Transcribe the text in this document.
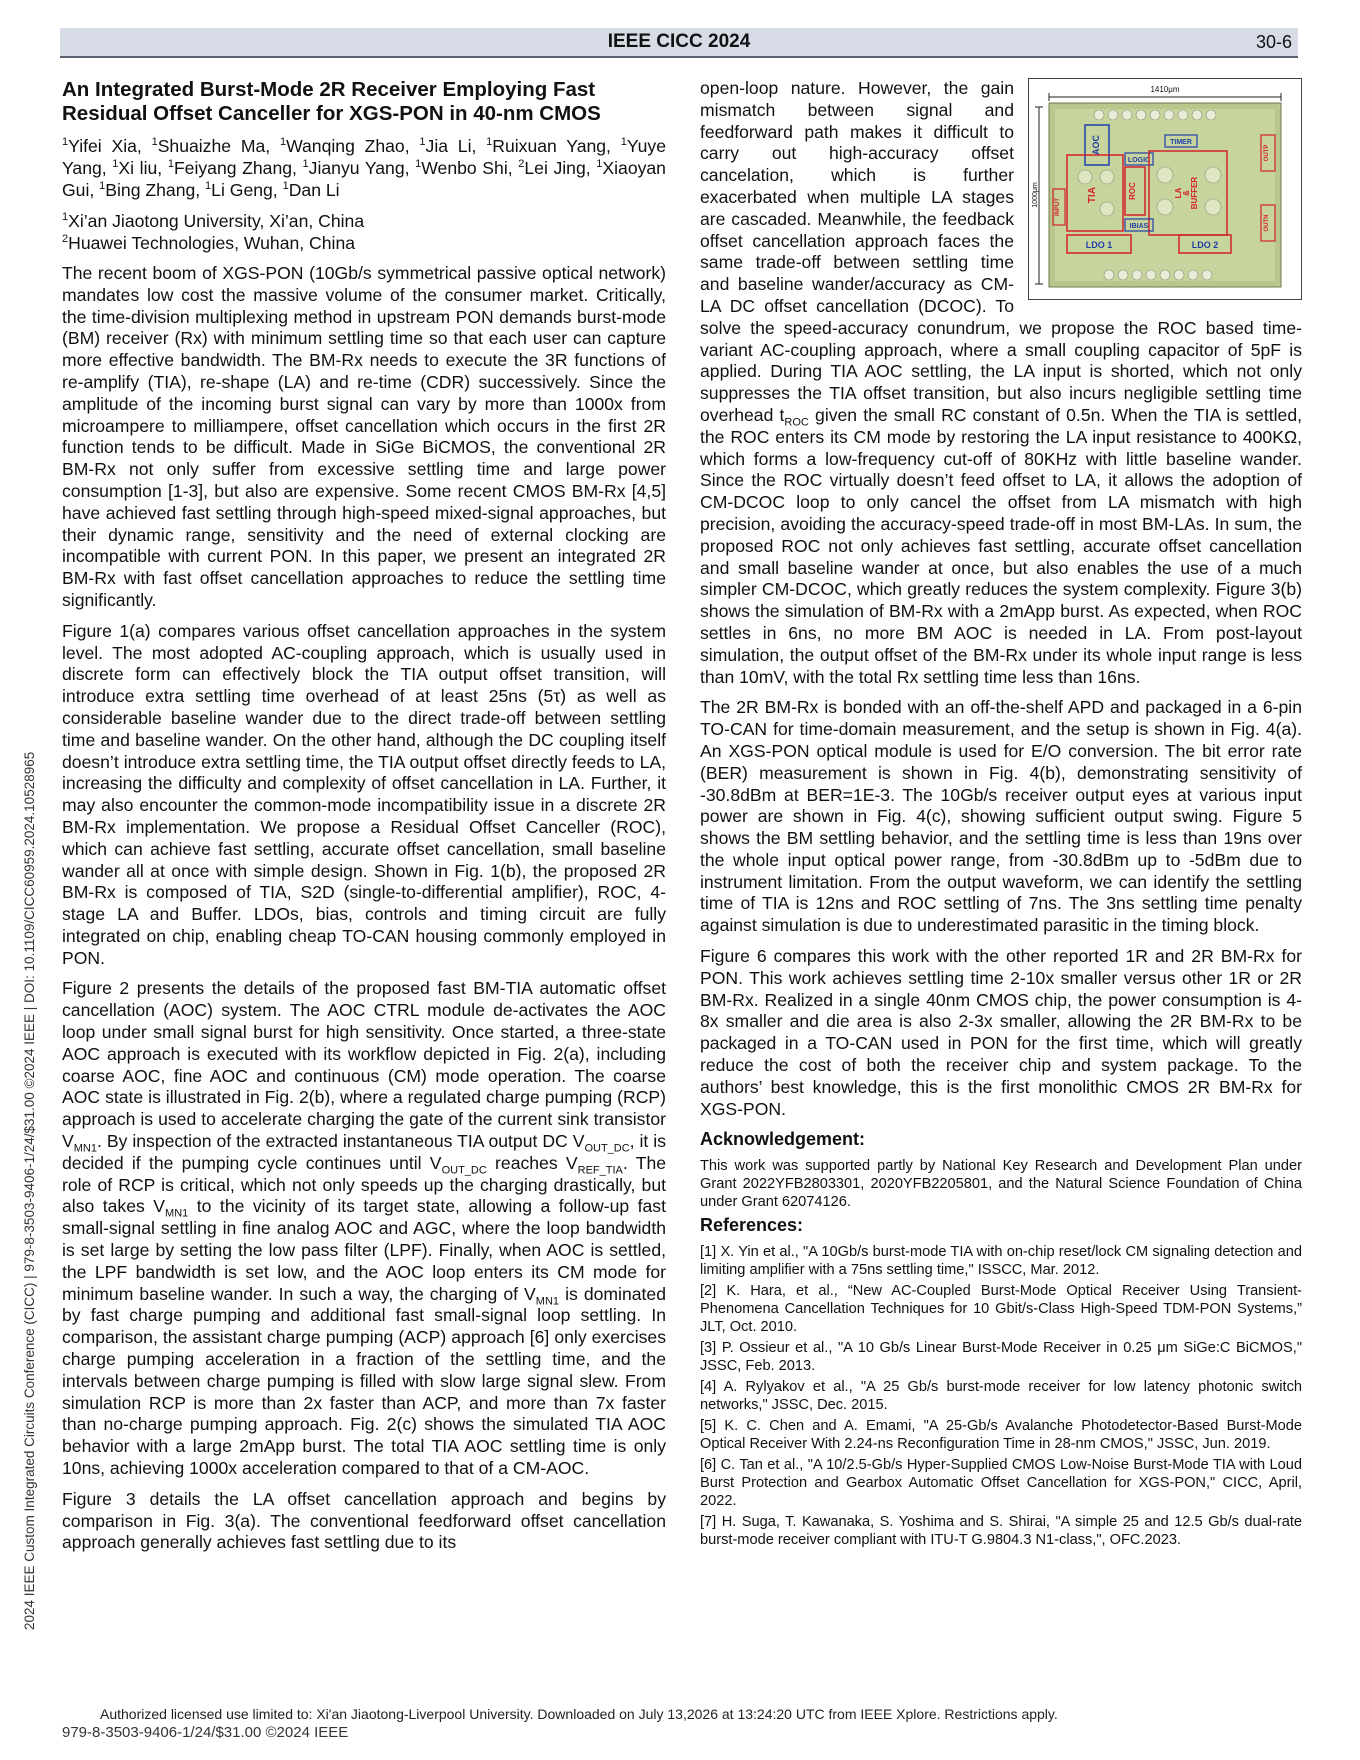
IEEE CICC 2024	30-6
2024 IEEE Custom Integrated Circuits Conference (CICC) | 979-8-3503-9406-1/24/$31.00 ©2024 IEEE | DOI: 10.1109/CICC60959.2024.10528965
An Integrated Burst-Mode 2R Receiver Employing Fast Residual Offset Canceller for XGS-PON in 40-nm CMOS
$^1$Yifei Xia, $^1$Shuaizhe Ma, $^1$Wanqing Zhao, $^1$Jia Li, $^1$Ruixuan Yang, $^1$Yuye Yang, $^1$Xi liu, $^1$Feiyang Zhang, $^1$Jianyu Yang, $^1$Wenbo Shi, $^2$Lei Jing, $^1$Xiaoyan Gui, $^1$Bing Zhang, $^1$Li Geng, $^1$Dan Li
$^1$Xi’an Jiaotong University, Xi’an, China
$^2$Huawei Technologies, Wuhan, China

The recent boom of XGS-PON (10Gb/s symmetrical passive optical network) mandates low cost the massive volume of the consumer market. Critically, the time-division multiplexing method in upstream PON demands burst-mode (BM) receiver (Rx) with minimum settling time so that each user can capture more effective bandwidth. The BM-Rx needs to execute the 3R functions of re-amplify (TIA), re-shape (LA) and re-time (CDR) successively. Since the amplitude of the incoming burst signal can vary by more than 1000x from microampere to milliampere, offset cancellation which occurs in the first 2R function tends to be difficult. Made in SiGe BiCMOS, the conventional 2R BM-Rx not only suffer from excessive settling time and large power consumption [1-3], but also are expensive. Some recent CMOS BM-Rx [4,5] have achieved fast settling through high-speed mixed-signal approaches, but their dynamic range, sensitivity and the need of external clocking are incompatible with current PON. In this paper, we present an integrated 2R BM-Rx with fast offset cancellation approaches to reduce the settling time significantly.

Figure 1(a) compares various offset cancellation approaches in the system level. The most adopted AC-coupling approach, which is usually used in discrete form can effectively block the TIA output offset transition, will introduce extra settling time overhead of at least 25ns (5τ) as well as considerable baseline wander due to the direct trade-off between settling time and baseline wander. On the other hand, although the DC coupling itself doesn’t introduce extra settling time, the TIA output offset directly feeds to LA, increasing the difficulty and complexity of offset cancellation in LA. Further, it may also encounter the common-mode incompatibility issue in a discrete 2R BM-Rx implementation. We propose a Residual Offset Canceller (ROC), which can achieve fast settling, accurate offset cancellation, small baseline wander all at once with simple design. Shown in Fig. 1(b), the proposed 2R BM-Rx is composed of TIA, S2D (single-to-differential amplifier), ROC, 4-stage LA and Buffer. LDOs, bias, controls and timing circuit are fully integrated on chip, enabling cheap TO-CAN housing commonly employed in PON.

Figure 2 presents the details of the proposed fast BM-TIA automatic offset cancellation (AOC) system. The AOC CTRL module de-activates the AOC loop under small signal burst for high sensitivity. Once started, a three-state AOC approach is executed with its workflow depicted in Fig. 2(a), including coarse AOC, fine AOC and continuous (CM) mode operation. The coarse AOC state is illustrated in Fig. 2(b), where a regulated charge pumping (RCP) approach is used to accelerate charging the gate of the current sink transistor $V_{MN1}$. By inspection of the extracted instantaneous TIA output DC $V_{OUT\_DC}$, it is decided if the pumping cycle continues until $V_{OUT\_DC}$ reaches $V_{REF\_TIA}$. The role of RCP is critical, which not only speeds up the charging drastically, but also takes $V_{MN1}$ to the vicinity of its target state, allowing a follow-up fast small-signal settling in fine analog AOC and AGC, where the loop bandwidth is set large by setting the low pass filter (LPF). Finally, when AOC is settled, the LPF bandwidth is set low, and the AOC loop enters its CM mode for minimum baseline wander. In such a way, the charging of $V_{MN1}$ is dominated by fast charge pumping and additional fast small-signal loop settling. In comparison, the assistant charge pumping (ACP) approach [6] only exercises charge pumping acceleration in a fraction of the settling time, and the intervals between charge pumping is filled with slow large signal slew. From simulation RCP is more than 2x faster than ACP, and more than 7x faster than no-charge pumping approach. Fig. 2(c) shows the simulated TIA AOC behavior with a large 2mApp burst. The total TIA AOC settling time is only 10ns, achieving 1000x acceleration compared to that of a CM-AOC.

Figure 3 details the LA offset cancellation approach and begins by comparison in Fig. 3(a). The conventional feedforward offset cancellation approach generally achieves fast settling due to its

1410μm
1000μm
AOC	TIMER
LOGIC
TIA	ROC	LA & BUFFER
IBIAS
LDO 1	LDO 2
INPUT
OUTP
OUTN

open-loop nature. However, the gain mismatch between signal and feedforward path makes it difficult to carry out high-accuracy offset cancelation, which is further exacerbated when multiple LA stages are cascaded. Meanwhile, the feedback offset cancellation approach faces the same trade-off between settling time and baseline wander/accuracy as CM-LA DC offset cancellation (DCOC). To solve the speed-accuracy conundrum, we propose the ROC based time-variant AC-coupling approach, where a small coupling capacitor of 5pF is applied. During TIA AOC settling, the LA input is shorted, which not only suppresses the TIA offset transition, but also incurs negligible settling time overhead $t_{ROC}$ given the small RC constant of 0.5n. When the TIA is settled, the ROC enters its CM mode by restoring the LA input resistance to 400KΩ, which forms a low-frequency cut-off of 80KHz with little baseline wander. Since the ROC virtually doesn’t feed offset to LA, it allows the adoption of CM-DCOC loop to only cancel the offset from LA mismatch with high precision, avoiding the accuracy-speed trade-off in most BM-LAs. In sum, the proposed ROC not only achieves fast settling, accurate offset cancellation and small baseline wander at once, but also enables the use of a much simpler CM-DCOC, which greatly reduces the system complexity. Figure 3(b) shows the simulation of BM-Rx with a 2mApp burst. As expected, when ROC settles in 6ns, no more BM AOC is needed in LA. From post-layout simulation, the output offset of the BM-Rx under its whole input range is less than 10mV, with the total Rx settling time less than 16ns.

The 2R BM-Rx is bonded with an off-the-shelf APD and packaged in a 6-pin TO-CAN for time-domain measurement, and the setup is shown in Fig. 4(a). An XGS-PON optical module is used for E/O conversion. The bit error rate (BER) measurement is shown in Fig. 4(b), demonstrating sensitivity of -30.8dBm at BER=1E-3. The 10Gb/s receiver output eyes at various input power are shown in Fig. 4(c), showing sufficient output swing. Figure 5 shows the BM settling behavior, and the settling time is less than 19ns over the whole input optical power range, from -30.8dBm up to -5dBm due to instrument limitation. From the output waveform, we can identify the settling time of TIA is 12ns and ROC settling of 7ns. The 3ns settling time penalty against simulation is due to underestimated parasitic in the timing block.

Figure 6 compares this work with the other reported 1R and 2R BM-Rx for PON. This work achieves settling time 2-10x smaller versus other 1R or 2R BM-Rx. Realized in a single 40nm CMOS chip, the power consumption is 4-8x smaller and die area is also 2-3x smaller, allowing the 2R BM-Rx to be packaged in a TO-CAN used in PON for the first time, which will greatly reduce the cost of both the receiver chip and system package. To the authors’ best knowledge, this is the first monolithic CMOS 2R BM-Rx for XGS-PON.

Acknowledgement:
This work was supported partly by National Key Research and Development Plan under Grant 2022YFB2803301, 2020YFB2205801, and the Natural Science Foundation of China under Grant 62074126.
References:
[1] X. Yin et al., "A 10Gb/s burst-mode TIA with on-chip reset/lock CM signaling detection and limiting amplifier with a 75ns settling time," ISSCC, Mar. 2012.
[2] K. Hara, et al., “New AC-Coupled Burst-Mode Optical Receiver Using Transient-Phenomena Cancellation Techniques for 10 Gbit/s-Class High-Speed TDM-PON Systems,” JLT, Oct. 2010.
[3] P. Ossieur et al., "A 10 Gb/s Linear Burst-Mode Receiver in 0.25 μm SiGe:C BiCMOS," JSSC, Feb. 2013.
[4] A. Rylyakov et al., "A 25 Gb/s burst-mode receiver for low latency photonic switch networks," JSSC, Dec. 2015.
[5] K. C. Chen and A. Emami, "A 25-Gb/s Avalanche Photodetector-Based Burst-Mode Optical Receiver With 2.24-ns Reconfiguration Time in 28-nm CMOS," JSSC, Jun. 2019.
[6] C. Tan et al., "A 10/2.5-Gb/s Hyper-Supplied CMOS Low-Noise Burst-Mode TIA with Loud Burst Protection and Gearbox Automatic Offset Cancellation for XGS-PON," CICC, April, 2022.
[7] H. Suga, T. Kawanaka, S. Yoshima and S. Shirai, "A simple 25 and 12.5 Gb/s dual-rate burst-mode receiver compliant with ITU-T G.9804.3 N1-class,", OFC.2023.
Authorized licensed use limited to: Xi'an Jiaotong-Liverpool University. Downloaded on July 13,2026 at 13:24:20 UTC from IEEE Xplore. Restrictions apply.
979-8-3503-9406-1/24/$31.00 ©2024 IEEE
